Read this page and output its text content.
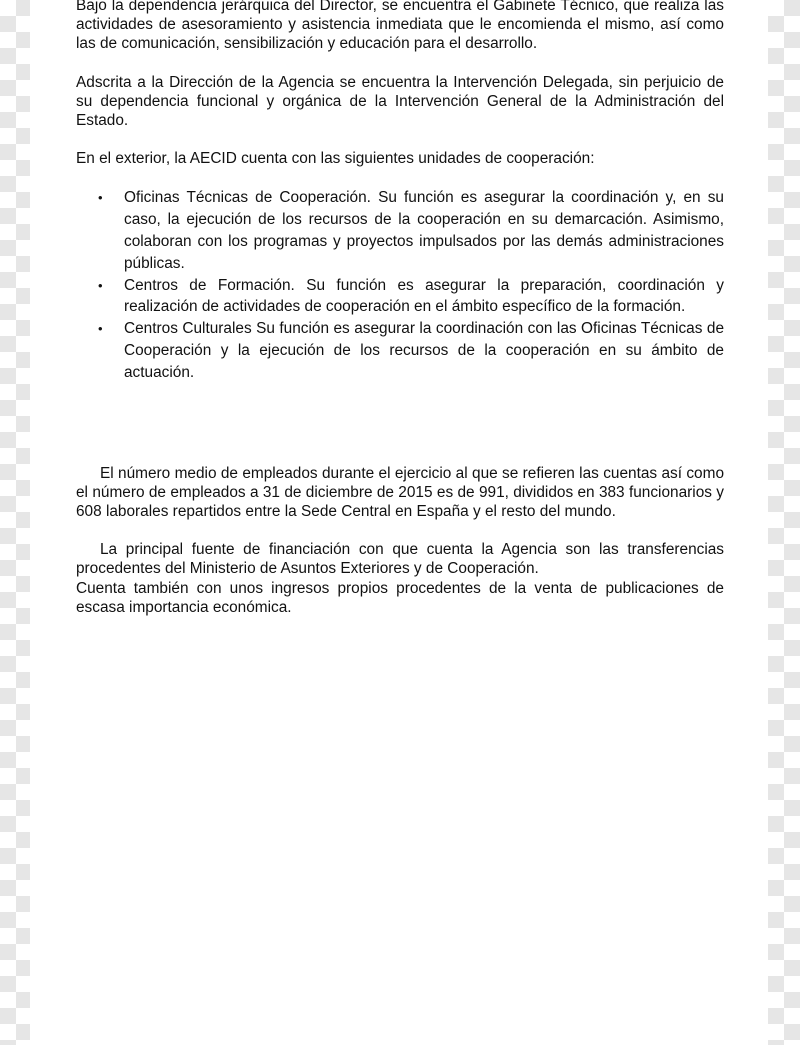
Bajo la dependencia jerárquica del Director, se encuentra el Gabinete Técnico, que realiza las actividades de asesoramiento y asistencia inmediata que le encomienda el mismo, así como las de comunicación, sensibilización y educación para el desarrollo.

Adscrita a la Dirección de la Agencia se encuentra la Intervención Delegada, sin perjuicio de su dependencia funcional y orgánica de la Intervención General de la Administración del Estado.

En el exterior, la AECID cuenta con las siguientes unidades de cooperación:

• Oficinas Técnicas de Cooperación. Su función es asegurar la coordinación y, en su caso, la ejecución de los recursos de la cooperación en su demarcación. Asimismo, colaboran con los programas y proyectos impulsados por las demás administraciones públicas.
• Centros de Formación. Su función es asegurar la preparación, coordinación y realización de actividades de cooperación en el ámbito específico de la formación.
• Centros Culturales Su función es asegurar la coordinación con las Oficinas Técnicas de Cooperación y la ejecución de los recursos de la cooperación en su ámbito de actuación.

El número medio de empleados durante el ejercicio al que se refieren las cuentas así como el número de empleados a 31 de diciembre de 2015 es de 991, divididos en 383 funcionarios y 608 laborales repartidos entre la Sede Central en España y el resto del mundo.

La principal fuente de financiación con que cuenta la Agencia son las transferencias procedentes del Ministerio de Asuntos Exteriores y de Cooperación.

Cuenta también con unos ingresos propios procedentes de la venta de publicaciones de escasa importancia económica.
